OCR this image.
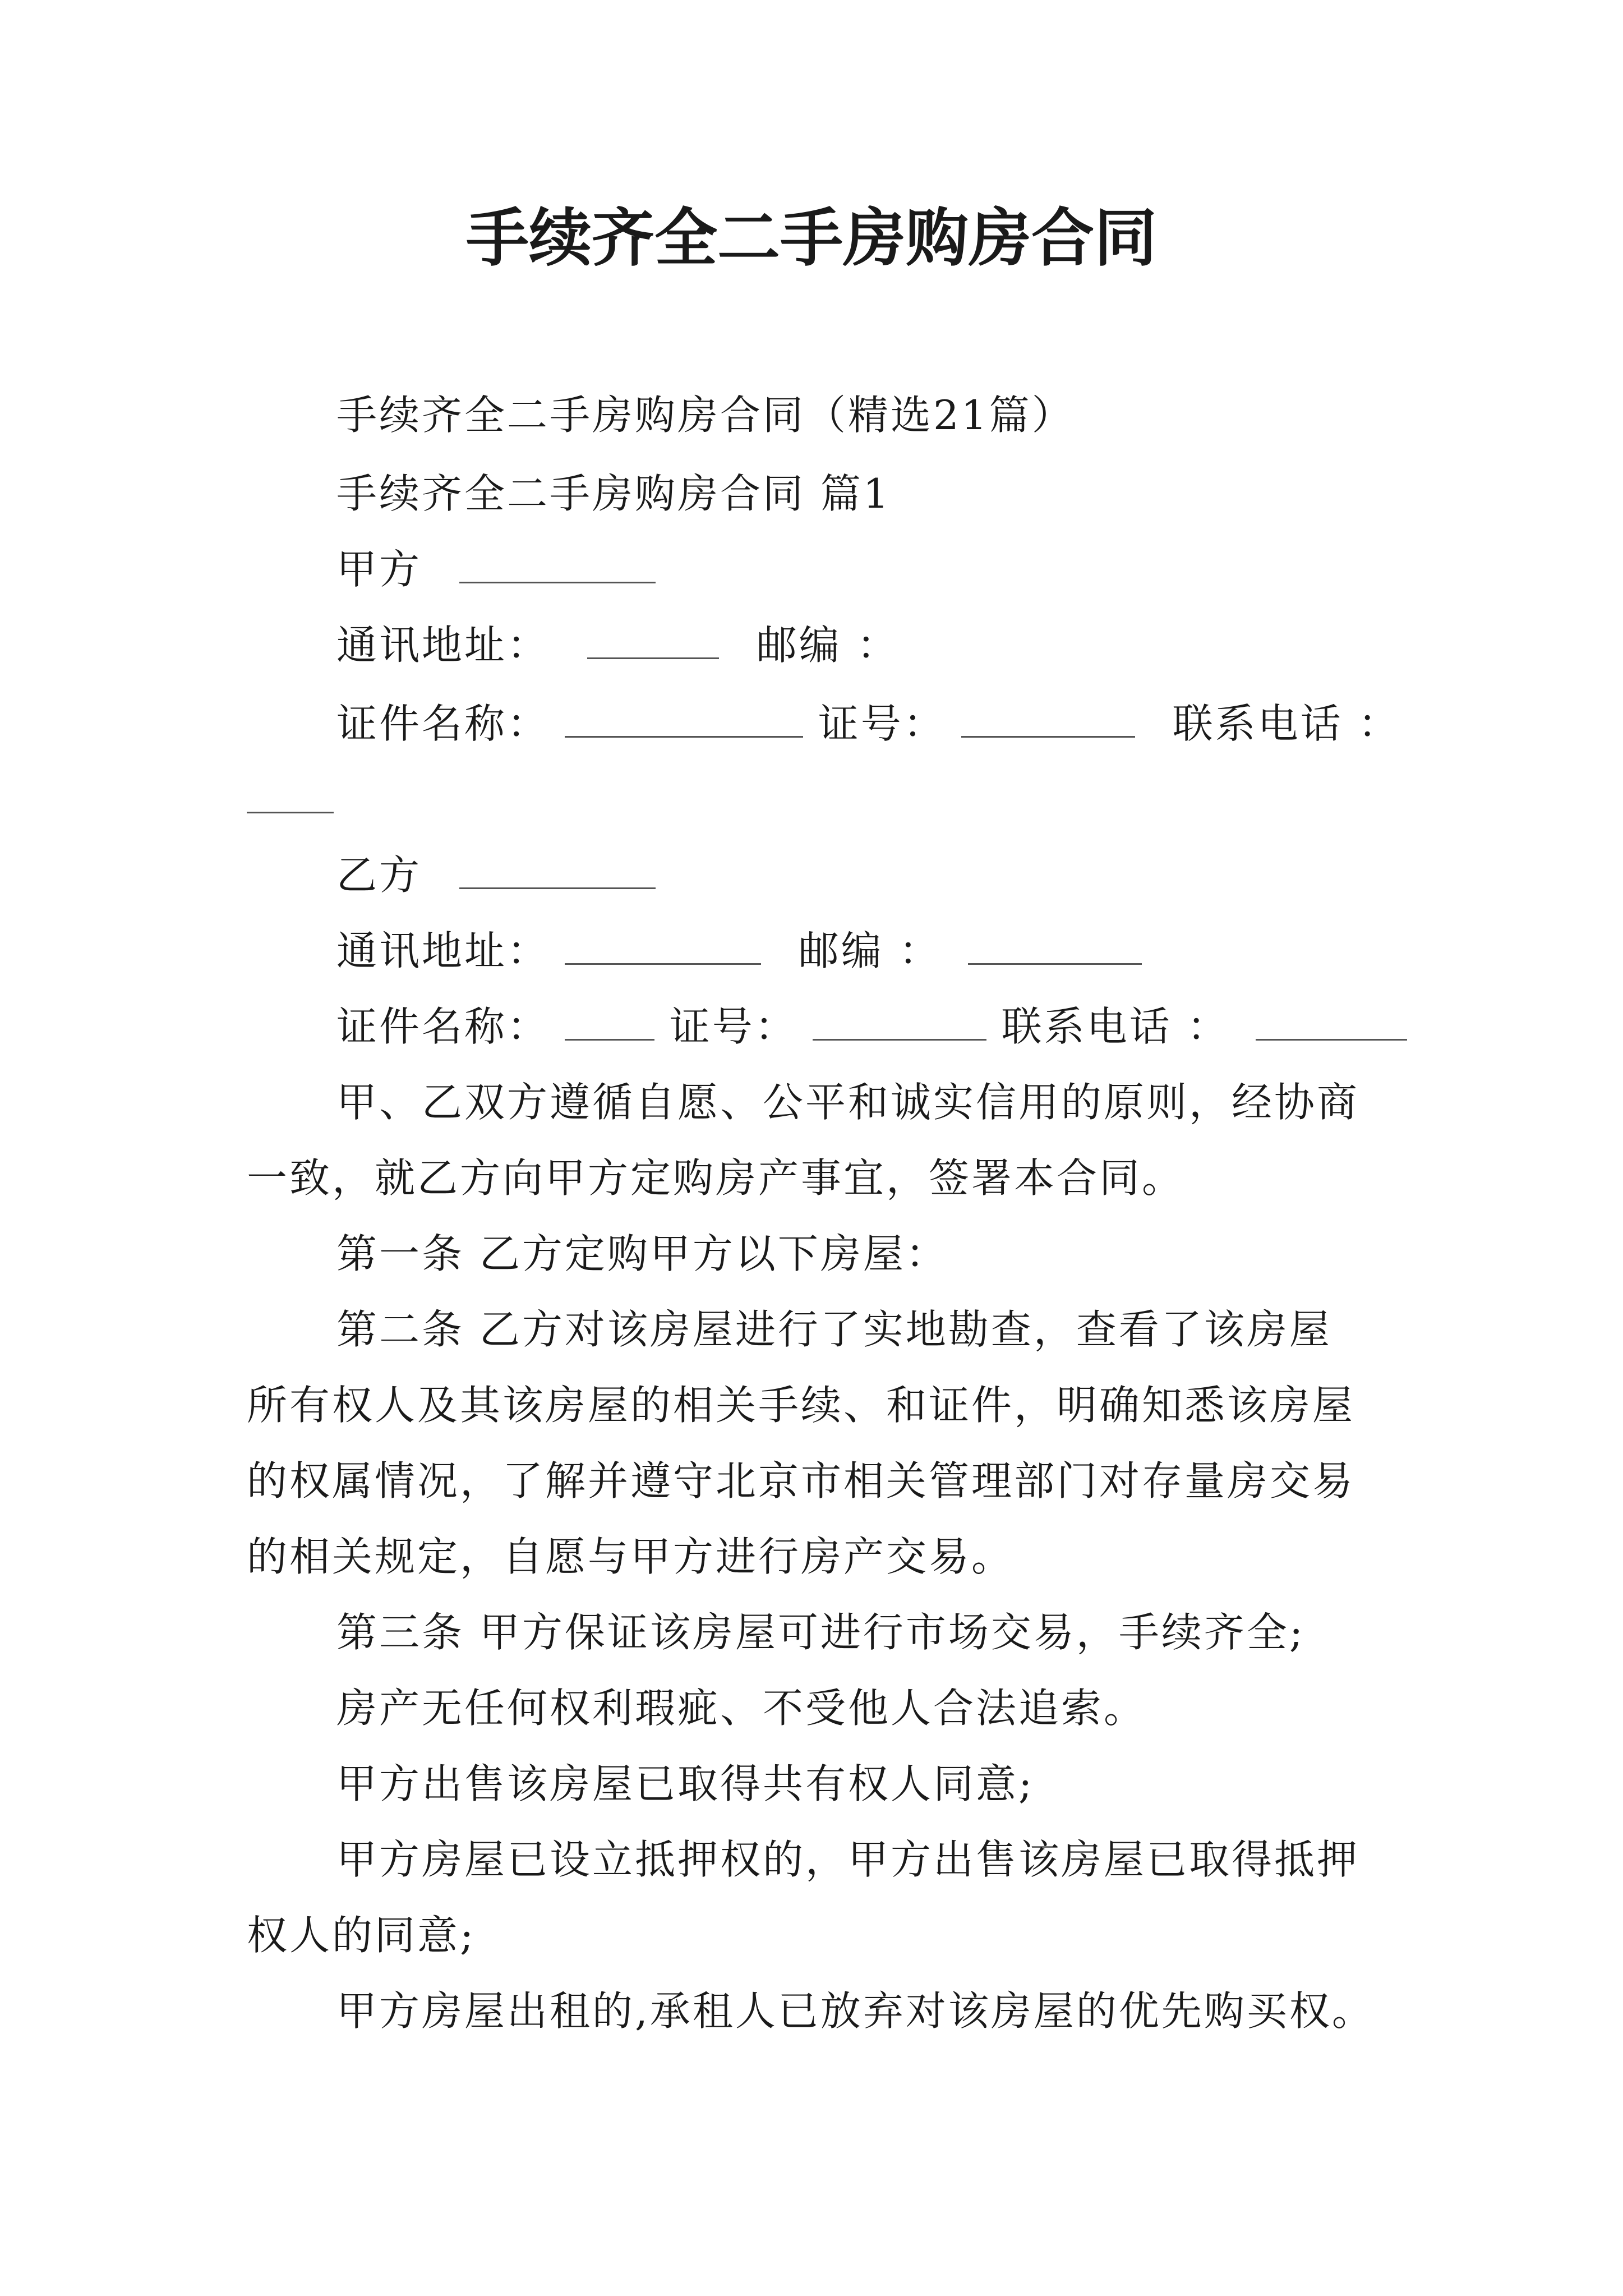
手续齐全二手房购房合同
手续齐全二手房购房合同（精选21篇）
手续齐全二手房购房合同 篇1
甲方
通讯地址：	邮编 ：
证件名称：	证号：	联系电话 ：
乙方
通讯地址：	邮编 ：
证件名称：	证号：	联系电话 ：
甲、乙双方遵循自愿、公平和诚实信用的原则，经协商
一致，就乙方向甲方定购房产事宜，签署本合同。
第一条 乙方定购甲方以下房屋：
第二条 乙方对该房屋进行了实地勘查，查看了该房屋
所有权人及其该房屋的相关手续、和证件，明确知悉该房屋
的权属情况，了解并遵守北京市相关管理部门对存量房交易
的相关规定，自愿与甲方进行房产交易。
第三条 甲方保证该房屋可进行市场交易，手续齐全;
房产无任何权利瑕疵、不受他人合法追索。
甲方出售该房屋已取得共有权人同意;
甲方房屋已设立抵押权的，甲方出售该房屋已取得抵押
权人的同意;
甲方房屋出租的,承租人已放弃对该房屋的优先购买权。
